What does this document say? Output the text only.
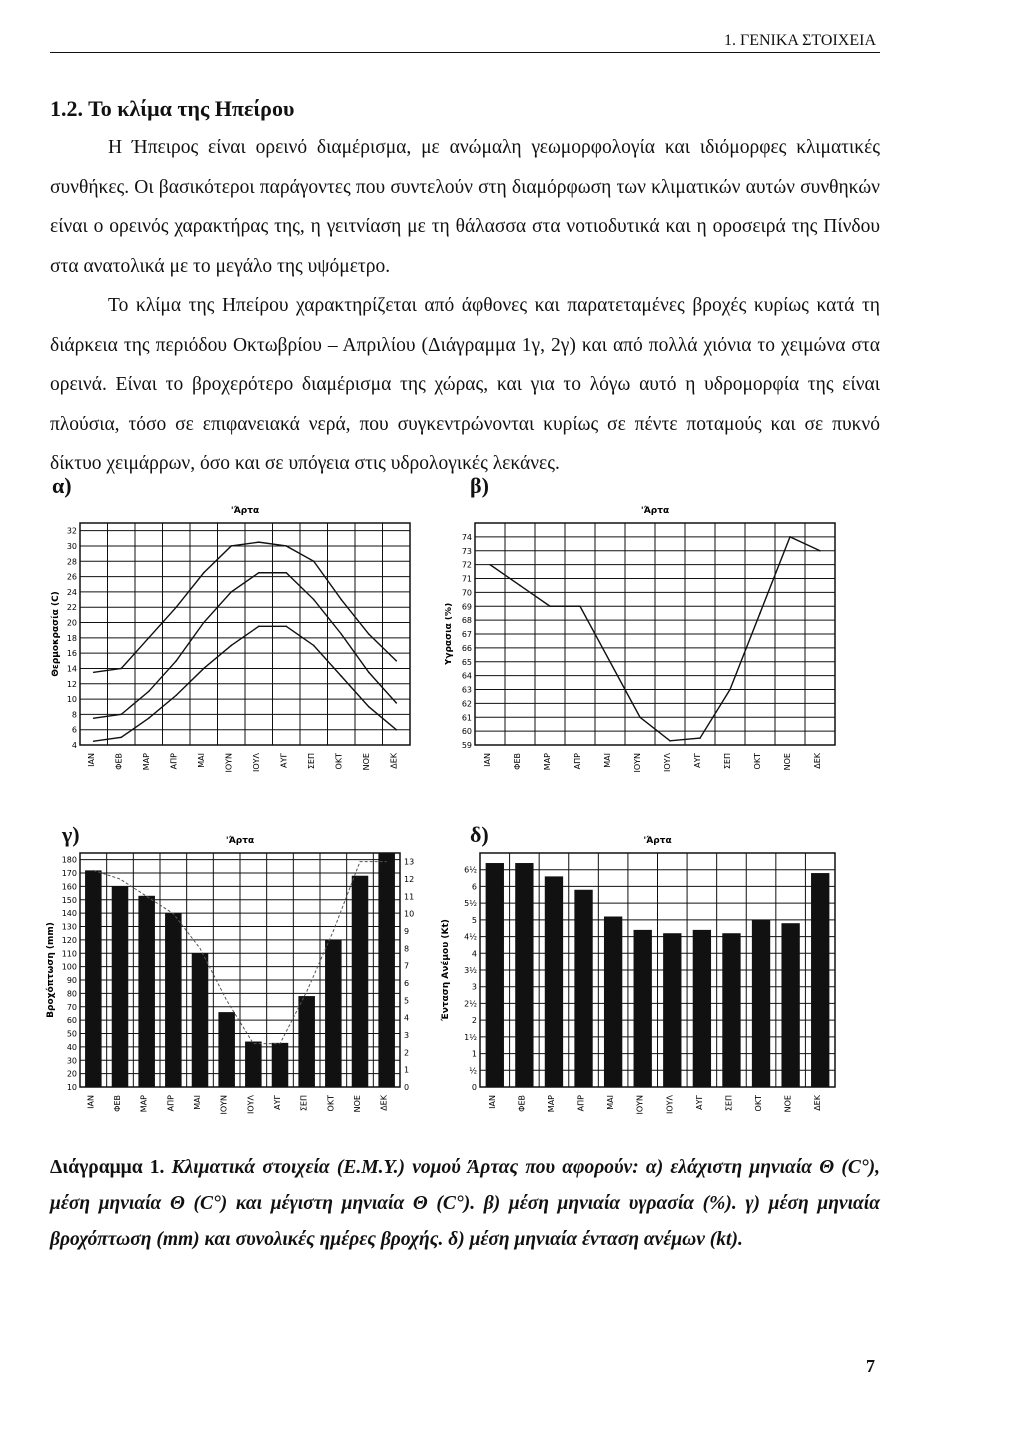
1. ΓΕΝΙΚΑ ΣΤΟΙΧΕΙΑ
1.2. Το κλίμα της Ηπείρου

Η Ήπειρος είναι ορεινό διαμέρισμα, με ανώμαλη γεωμορφολογία και ιδιόμορφες κλιματικές συνθήκες. Οι βασικότεροι παράγοντες που συντελούν στη διαμόρφωση των κλιματικών αυτών συνθηκών είναι ο ορεινός χαρακτήρας της, η γειτνίαση με τη θάλασσα στα νοτιοδυτικά και η οροσειρά της Πίνδου στα ανατολικά με το μεγάλο της υψόμετρο.

Το κλίμα της Ηπείρου χαρακτηρίζεται από άφθονες και παρατεταμένες βροχές κυρίως κατά τη διάρκεια της περιόδου Οκτωβρίου – Απριλίου (Διάγραμμα 1γ, 2γ) και από πολλά χιόνια το χειμώνα στα ορεινά. Είναι το βροχερότερο διαμέρισμα της χώρας, και για το λόγω αυτό η υδρομορφία της είναι πλούσια, τόσο σε επιφανειακά νερά, που συγκεντρώνονται κυρίως σε πέντε ποταμούς και σε πυκνό δίκτυο χειμάρρων, όσο και σε υπόγεια στις υδρολογικές λεκάνες.

α)	β)
γ)	δ)
'Άρτα
4
6
8
10
12
14
16
18
20
22
24
26
28
30
32
Θερμοκρασία (C)
ΙΑΝ ΦΕΒ ΜΑΡ ΑΠΡ ΜΑΙ ΙΟΥΝ ΙΟΥΛ ΑΥΓ ΣΕΠ ΟΚΤ ΝΟΕ ΔΕΚ
'Άρτα
59
60
61
62
63
64
65
66
67
68
69
70
71
72
73
74
Υγρασία (%)
ΙΑΝ	ΦΕΒ	ΜΑΡ	ΑΠΡ	ΜΑΙ	ΙΟΥΝ	ΙΟΥΛ	ΑΥΓ	ΣΕΠ	ΟΚΤ	ΝΟΕ	ΔΕΚ
'Άρτα
10
20
30
40
50
60
70
80
90
100
110
120
130
140
150
160
170
180
Βροχόπτωση (mm)
ΙΑΝ ΦΕΒ ΜΑΡ ΑΠΡ ΜΑΙ ΙΟΥΝ ΙΟΥΛ ΑΥΓ ΣΕΠ ΟΚΤ ΝΟΕ ΔΕΚ
0
1
2
3
4
5
6
7
8
9
10
11
12
13
'Άρτα
0
½
1
1½
2
2½
3
3½
4
4½
5
5½
6
6½
Ένταση Ανέμου (Kt)
ΙΑΝ	ΦΕΒ	ΜΑΡ	ΑΠΡ	ΜΑΙ	ΙΟΥΝ	ΙΟΥΛ	ΑΥΓ	ΣΕΠ	ΟΚΤ	ΝΟΕ	ΔΕΚ
Διάγραμμα 1. Κλιματικά στοιχεία (Ε.Μ.Υ.) νομού Άρτας που αφορούν: α) ελάχιστη μηνιαία Θ (C°), μέση μηνιαία Θ (C°) και μέγιστη μηνιαία Θ (C°). β) μέση μηνιαία υγρασία (%). γ) μέση μηνιαία βροχόπτωση (mm) και συνολικές ημέρες βροχής. δ) μέση μηνιαία ένταση ανέμων (kt).
7
